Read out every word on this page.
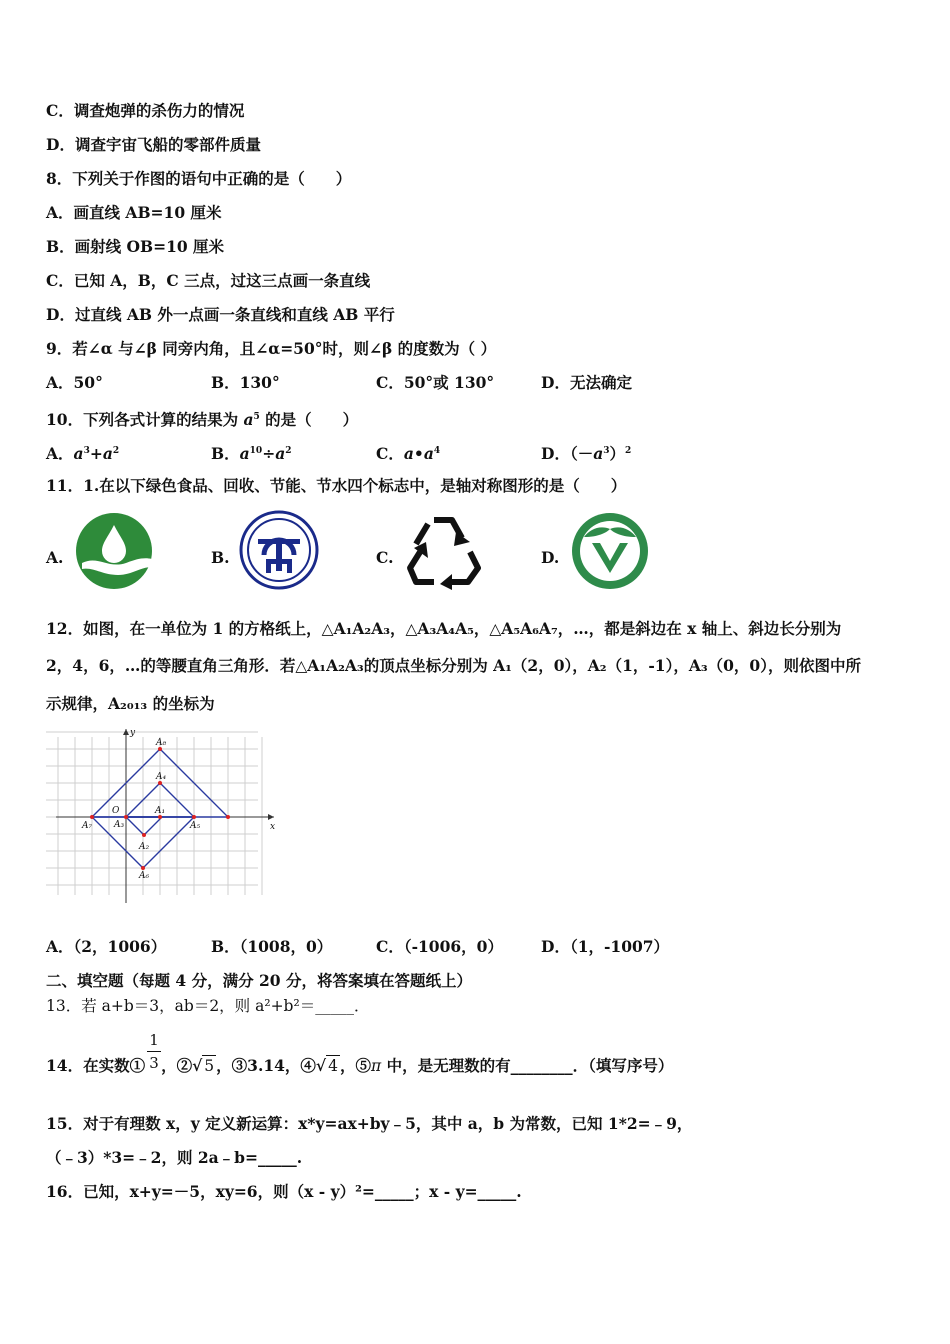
C．调查炮弹的杀伤力的情况
D．调查宇宙飞船的零部件质量
8．下列关于作图的语句中正确的是（　　）
A．画直线 AB=10 厘米
B．画射线 OB=10 厘米
C．已知 A，B，C 三点，过这三点画一条直线
D．过直线 AB 外一点画一条直线和直线 AB 平行
9．若∠α 与∠β 同旁内角，且∠α=50°时，则∠β 的度数为（ ）
A．50°	B．130°	C．50°或 130°	D．无法确定
10．下列各式计算的结果为 $a^5$ 的是（　　）
A．$a^3+a^2$	B．$a^{10}\div a^2$	C．$a•a^4$	D．$(-a^3)^2$
11．1.在以下绿色食品、回收、节能、节水四个标志中，是轴对称图形的是（　　）
A.	B.	C.	D.
12．如图，在一单位为 1 的方格纸上，△A₁A₂A₃，△A₃A₄A₅，△A₅A₆A₇，…，都是斜边在 x 轴上、斜边长分别为
2，4，6，…的等腰直角三角形．若△A₁A₂A₃的顶点坐标分别为 A₁（2，0），A₂（1，-1），A₃（0，0），则依图中所
示规律，A₂₀₁₃ 的坐标为
y
x
O	A₁
A₂
A₃
A₄
A₅
A₆
A₇
A₈
A．（2，1006）	B．（1008，0）	C．（-1006，0） D．（1，-1007）
二、填空题（每题 4 分，满分 20 分，将答案填在答题纸上）
13．若 a+b＝3，ab＝2，则 a²+b²＝_____．
1
3
14．在实数① ，②√ 5 ，③3.14，④√ 4 ，⑤π 中，是无理数的有________．（填写序号）
15．对于有理数 x，y 定义新运算：x*y=ax+by﹣5，其中 a，b 为常数，已知 1*2=﹣9，
（﹣3）*3=﹣2，则 2a﹣b=_____.
16．已知，x+y=－5，xy=6，则（x - y）²=_____；x - y=_____.
